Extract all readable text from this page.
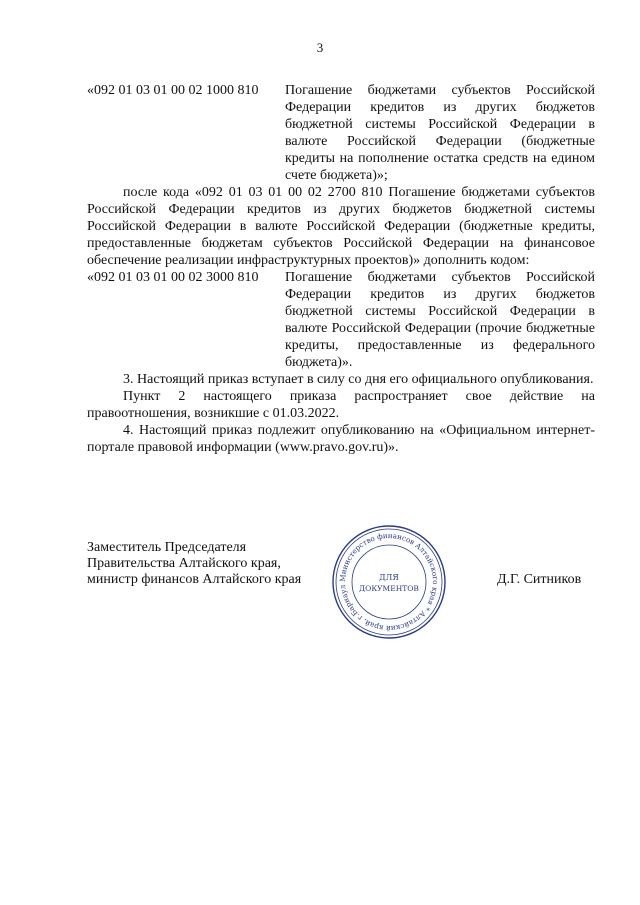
3
«092 01 03 01 00 02 1000 810	Погашение бюджетами субъектов Российской Федерации кредитов из других бюджетов бюджетной системы Российской Федерации в валюте Российской Федерации (бюджетные кредиты на пополнение остатка средств на едином счете бюджета)»;

после кода «092 01 03 01 00 02 2700 810 Погашение бюджетами субъектов Российской Федерации кредитов из других бюджетов бюджетной системы Российской Федерации в валюте Российской Федерации (бюджетные кредиты, предоставленные бюджетам субъектов Российской Федерации на финансовое обеспечение реализации инфраструктурных проектов)» дополнить кодом:

«092 01 03 01 00 02 3000 810	Погашение бюджетами субъектов Российской Федерации кредитов из других бюджетов бюджетной системы Российской Федерации в валюте Российской Федерации (прочие бюджетные кредиты, предоставленные из федерального бюджета)».

3. Настоящий приказ вступает в силу со дня его официального опубликования.

Пункт 2 настоящего приказа распространяет свое действие на правоотношения, возникшие с 01.03.2022.

4. Настоящий приказ подлежит опубликованию на «Официальном интернет-портале правовой информации (www.pravo.gov.ru)».

Заместитель Председателя
Правительства Алтайского края,
министр финансов Алтайского края	Министерство финансов Алтайского края * Алтайский край, г.Барнаул
ДЛЯ
ДОКУМЕНТОВ
Д.Г. Ситников
